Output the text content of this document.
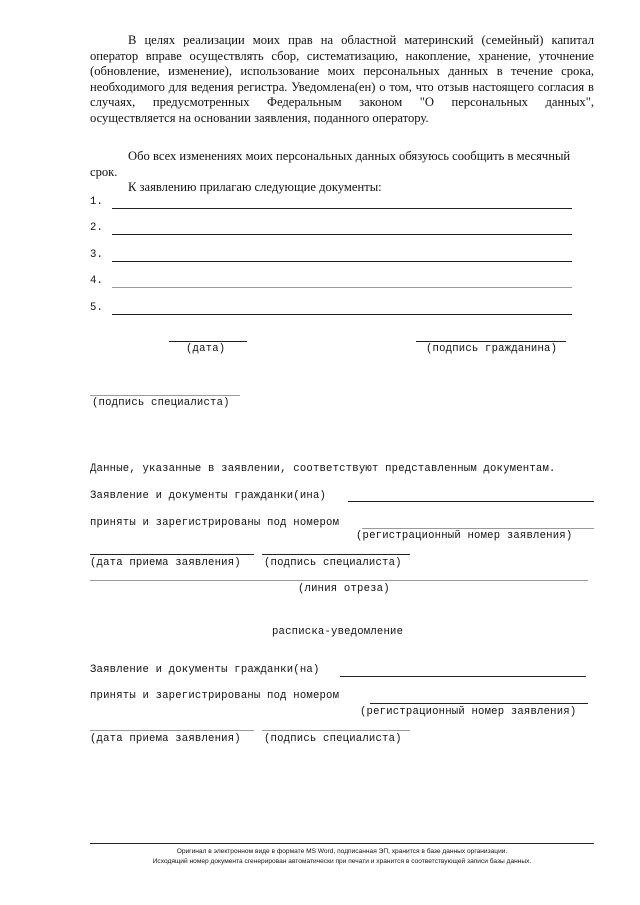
В целях реализации моих прав на областной материнский (семейный) капитал оператор вправе осуществлять сбор, систематизацию, накопление, хранение, уточнение (обновление, изменение), использование моих персональных данных в течение срока, необходимого для ведения регистра. Уведомлена(ен) о том, что отзыв настоящего согласия в случаях, предусмотренных Федеральным законом "О персональных данных", осуществляется на основании заявления, поданного оператору.
Обо всех изменениях моих персональных данных обязуюсь сообщить в месячный срок.
К заявлению прилагаю следующие документы:
1.
2.
3.
4.
5.
(дата)	(подпись гражданина)
(подпись специалиста)
Данные, указанные в заявлении, соответствуют представленным документам.
Заявление и документы гражданки(ина)
приняты и зарегистрированы под номером
(регистрационный номер заявления)
(дата приема заявления) (подпись специалиста)
(линия отреза)
расписка-уведомление
Заявление и документы гражданки(на)
приняты и зарегистрированы под номером
(регистрационный номер заявления)
(дата приема заявления) (подпись специалиста)
Оригинал в электронном виде в формате MS Word, подписанная ЭП, хранится в базе данных организации.
Исходящий номер документа сгенерирован автоматически при печати и хранится в соответствующей записи базы данных.
